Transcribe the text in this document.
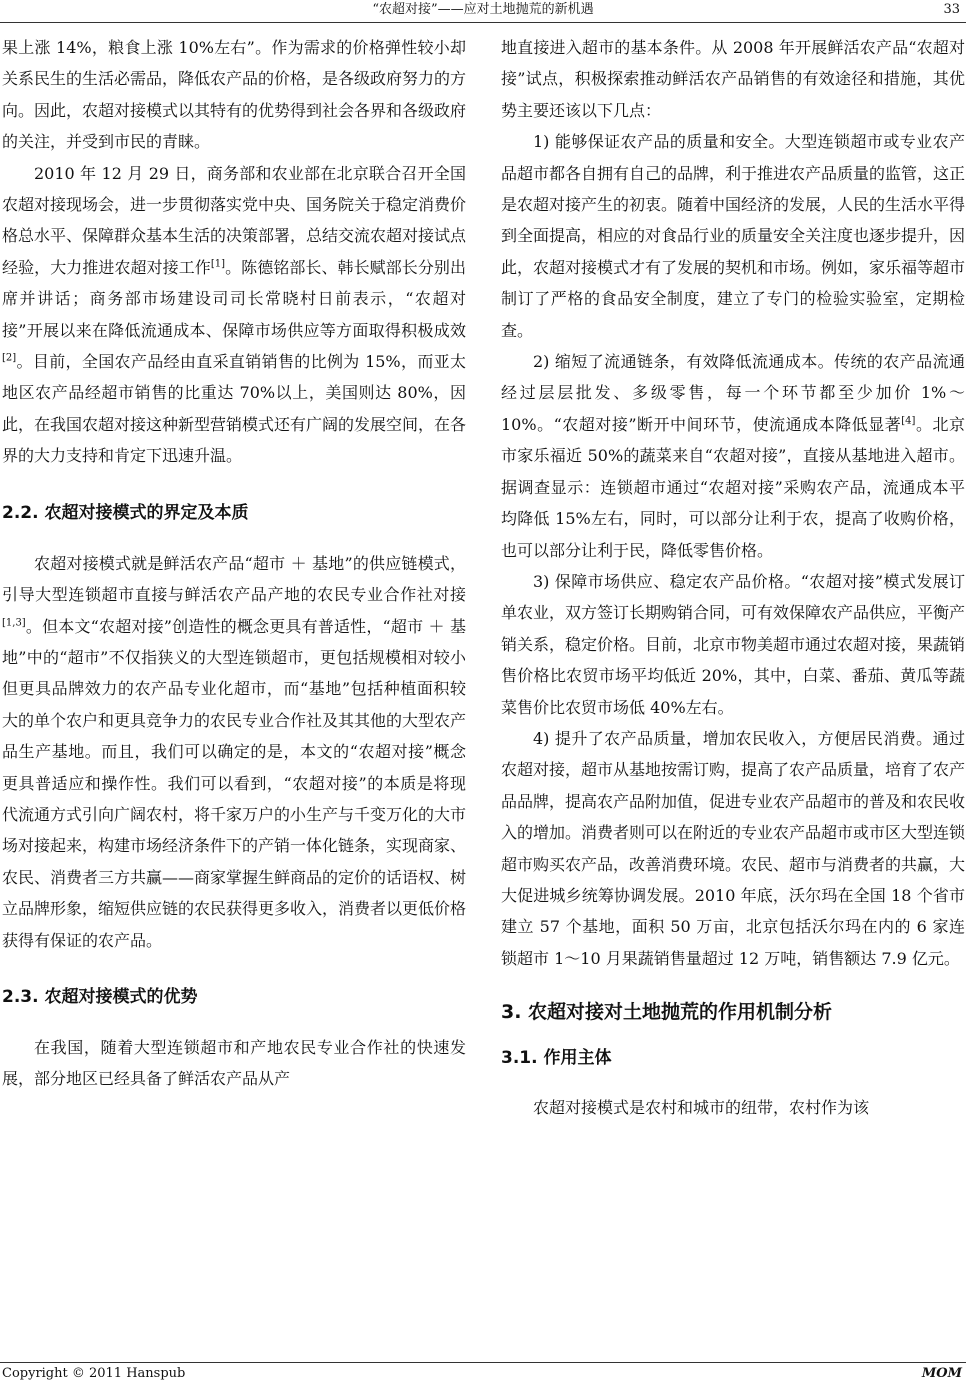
“农超对接”——应对土地抛荒的新机遇	33

果上涨 14%，粮食上涨 10%左右”。作为需求的价格弹性较小却关系民生的生活必需品，降低农产品的价格，是各级政府努力的方向。因此，农超对接模式以其特有的优势得到社会各界和各级政府的关注，并受到市民的青睐。

2010 年 12 月 29 日，商务部和农业部在北京联合召开全国农超对接现场会，进一步贯彻落实党中央、国务院关于稳定消费价格总水平、保障群众基本生活的决策部署，总结交流农超对接试点经验，大力推进农超对接工作[1]。陈德铭部长、韩长赋部长分别出席并讲话；商务部市场建设司司长常晓村日前表示，“农超对接”开展以来在降低流通成本、保障市场供应等方面取得积极成效[2]。目前，全国农产品经由直采直销销售的比例为 15%，而亚太地区农产品经超市销售的比重达 70%以上，美国则达 80%，因此，在我国农超对接这种新型营销模式还有广阔的发展空间，在各界的大力支持和肯定下迅速升温。

2.2. 农超对接模式的界定及本质

农超对接模式就是鲜活农产品“超市 ＋ 基地”的供应链模式，引导大型连锁超市直接与鲜活农产品产地的农民专业合作社对接[1,3]。但本文“农超对接”创造性的概念更具有普适性，“超市 ＋ 基地”中的“超市”不仅指狭义的大型连锁超市，更包括规模相对较小但更具品牌效力的农产品专业化超市，而“基地”包括种植面积较大的单个农户和更具竞争力的农民专业合作社及其其他的大型农产品生产基地。而且，我们可以确定的是，本文的“农超对接”概念更具普适应和操作性。我们可以看到，“农超对接”的本质是将现代流通方式引向广阔农村，将千家万户的小生产与千变万化的大市场对接起来，构建市场经济条件下的产销一体化链条，实现商家、农民、消费者三方共赢——商家掌握生鲜商品的定价的话语权、树立品牌形象，缩短供应链的农民获得更多收入，消费者以更低价格获得有保证的农产品。

2.3. 农超对接模式的优势

在我国，随着大型连锁超市和产地农民专业合作社的快速发展，部分地区已经具备了鲜活农产品从产

地直接进入超市的基本条件。从 2008 年开展鲜活农产品“农超对接”试点，积极探索推动鲜活农产品销售的有效途径和措施，其优势主要还该以下几点：

1) 能够保证农产品的质量和安全。大型连锁超市或专业农产品超市都各自拥有自己的品牌，利于推进农产品质量的监管，这正是农超对接产生的初衷。随着中国经济的发展，人民的生活水平得到全面提高，相应的对食品行业的质量安全关注度也逐步提升，因此，农超对接模式才有了发展的契机和市场。例如，家乐福等超市制订了严格的食品安全制度，建立了专门的检验实验室，定期检查。

2) 缩短了流通链条，有效降低流通成本。传统的农产品流通经过层层批发、多级零售，每一个环节都至少加价 1%～10%。“农超对接”断开中间环节，使流通成本降低显著[4]。北京市家乐福近 50%的蔬菜来自“农超对接”，直接从基地进入超市。据调查显示：连锁超市通过“农超对接”采购农产品，流通成本平均降低 15%左右，同时，可以部分让利于农，提高了收购价格，也可以部分让利于民，降低零售价格。

3) 保障市场供应、稳定农产品价格。“农超对接”模式发展订单农业，双方签订长期购销合同，可有效保障农产品供应，平衡产销关系，稳定价格。目前，北京市物美超市通过农超对接，果蔬销售价格比农贸市场平均低近 20%，其中，白菜、番茄、黄瓜等蔬菜售价比农贸市场低 40%左右。

4) 提升了农产品质量，增加农民收入，方便居民消费。通过农超对接，超市从基地按需订购，提高了农产品质量，培育了农产品品牌，提高农产品附加值，促进专业农产品超市的普及和农民收入的增加。消费者则可以在附近的专业农产品超市或市区大型连锁超市购买农产品，改善消费环境。农民、超市与消费者的共赢，大大促进城乡统筹协调发展。2010 年底，沃尔玛在全国 18 个省市建立 57 个基地，面积 50 万亩，北京包括沃尔玛在内的 6 家连锁超市 1～10 月果蔬销售量超过 12 万吨，销售额达 7.9 亿元。

3. 农超对接对土地抛荒的作用机制分析
3.1. 作用主体

农超对接模式是农村和城市的纽带，农村作为该

Copyright © 2011 Hanspub	MOM
